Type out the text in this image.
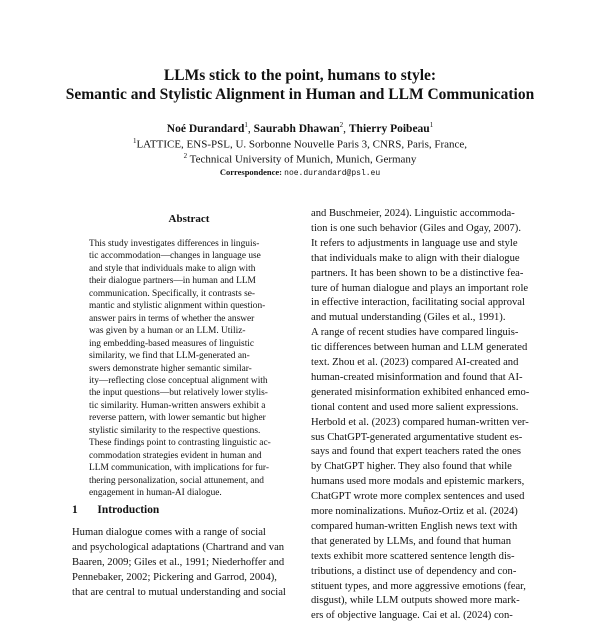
LLMs stick to the point, humans to style:
Semantic and Stylistic Alignment in Human and LLM Communication
Noé Durandard$^1$, Saurabh Dhawan$^2$, Thierry Poibeau$^1$
$^1$LATTICE, ENS-PSL, U. Sorbonne Nouvelle Paris 3, CNRS, Paris, France,
$^2$ Technical University of Munich, Munich, Germany
Correspondence: noe.durandard@psl.eu
Abstract
This study investigates differences in linguis-
tic accommodation—changes in language use
and style that individuals make to align with
their dialogue partners—in human and LLM
communication. Specifically, it contrasts se-
mantic and stylistic alignment within question-
answer pairs in terms of whether the answer
was given by a human or an LLM. Utiliz-
ing embedding-based measures of linguistic
similarity, we find that LLM-generated an-
swers demonstrate higher semantic similar-
ity—reflecting close conceptual alignment with
the input questions—but relatively lower stylis-
tic similarity. Human-written answers exhibit a
reverse pattern, with lower semantic but higher
stylistic similarity to the respective questions.
These findings point to contrasting linguistic ac-
commodation strategies evident in human and
LLM communication, with implications for fur-
thering personalization, social attunement, and
engagement in human-AI dialogue.
1 Introduction
Human dialogue comes with a range of social
and psychological adaptations (Chartrand and van
Baaren, 2009; Giles et al., 1991; Niederhoffer and
Pennebaker, 2002; Pickering and Garrod, 2004),
that are central to mutual understanding and social
and Buschmeier, 2024). Linguistic accommoda-
tion is one such behavior (Giles and Ogay, 2007).
It refers to adjustments in language use and style
that individuals make to align with their dialogue
partners. It has been shown to be a distinctive fea-
ture of human dialogue and plays an important role
in effective interaction, facilitating social approval
and mutual understanding (Giles et al., 1991).
A range of recent studies have compared linguis-
tic differences between human and LLM generated
text. Zhou et al. (2023) compared AI-created and
human-created misinformation and found that AI-
generated misinformation exhibited enhanced emo-
tional content and used more salient expressions.
Herbold et al. (2023) compared human-written ver-
sus ChatGPT-generated argumentative student es-
says and found that expert teachers rated the ones
by ChatGPT higher. They also found that while
humans used more modals and epistemic markers,
ChatGPT wrote more complex sentences and used
more nominalizations. Muñoz-Ortiz et al. (2024)
compared human-written English news text with
that generated by LLMs, and found that human
texts exhibit more scattered sentence length dis-
tributions, a distinct use of dependency and con-
stituent types, and more aggressive emotions (fear,
disgust), while LLM outputs showed more mark-
ers of objective language. Cai et al. (2024) con-
